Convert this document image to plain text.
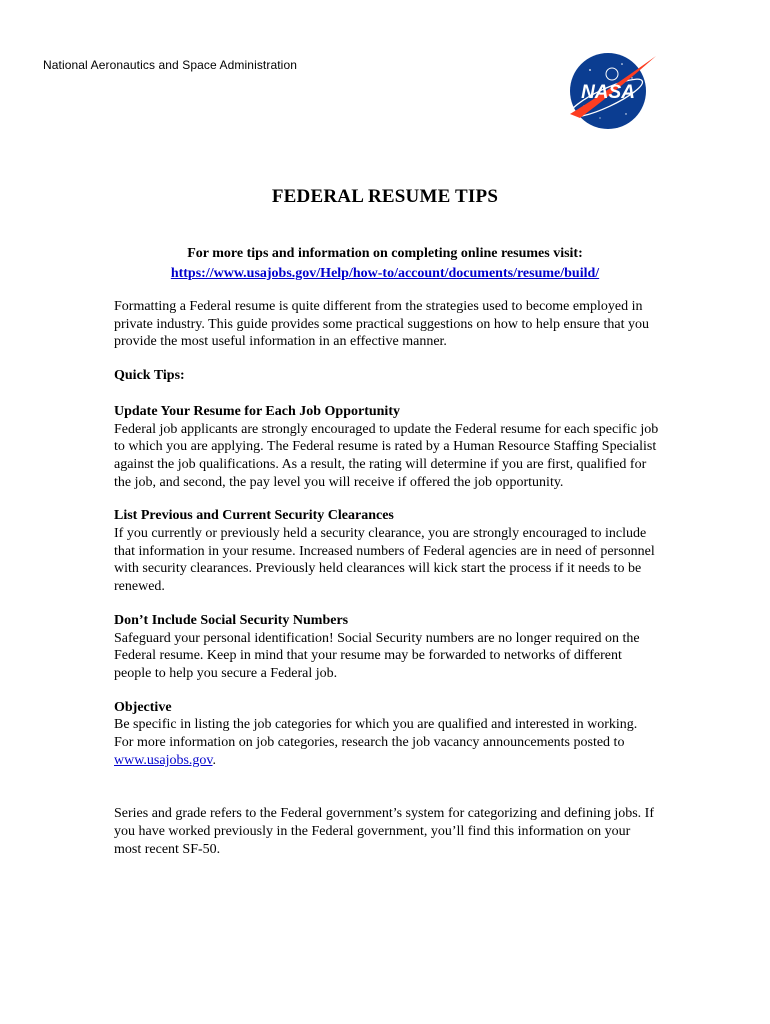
National Aeronautics and Space Administration
NASA
FEDERAL RESUME TIPS
For more tips and information on completing online resumes visit:
https://www.usajobs.gov/Help/how-to/account/documents/resume/build/

Formatting a Federal resume is quite different from the strategies used to become employed in private industry. This guide provides some practical suggestions on how to help ensure that you provide the most useful information in an effective manner.

Quick Tips:

Update Your Resume for Each Job Opportunity

Federal job applicants are strongly encouraged to update the Federal resume for each specific job to which you are applying. The Federal resume is rated by a Human Resource Staffing Specialist against the job qualifications. As a result, the rating will determine if you are first, qualified for the job, and second, the pay level you will receive if offered the job opportunity.

List Previous and Current Security Clearances

If you currently or previously held a security clearance, you are strongly encouraged to include that information in your resume. Increased numbers of Federal agencies are in need of personnel with security clearances. Previously held clearances will kick start the process if it needs to be renewed.

Don’t Include Social Security Numbers

Safeguard your personal identification! Social Security numbers are no longer required on the Federal resume. Keep in mind that your resume may be forwarded to networks of different people to help you secure a Federal job.

Objective

Be specific in listing the job categories for which you are qualified and interested in working. For more information on job categories, research the job vacancy announcements posted to www.usajobs.gov.

Series and grade refers to the Federal government’s system for categorizing and defining jobs. If you have worked previously in the Federal government, you’ll find this information on your most recent SF-50.
